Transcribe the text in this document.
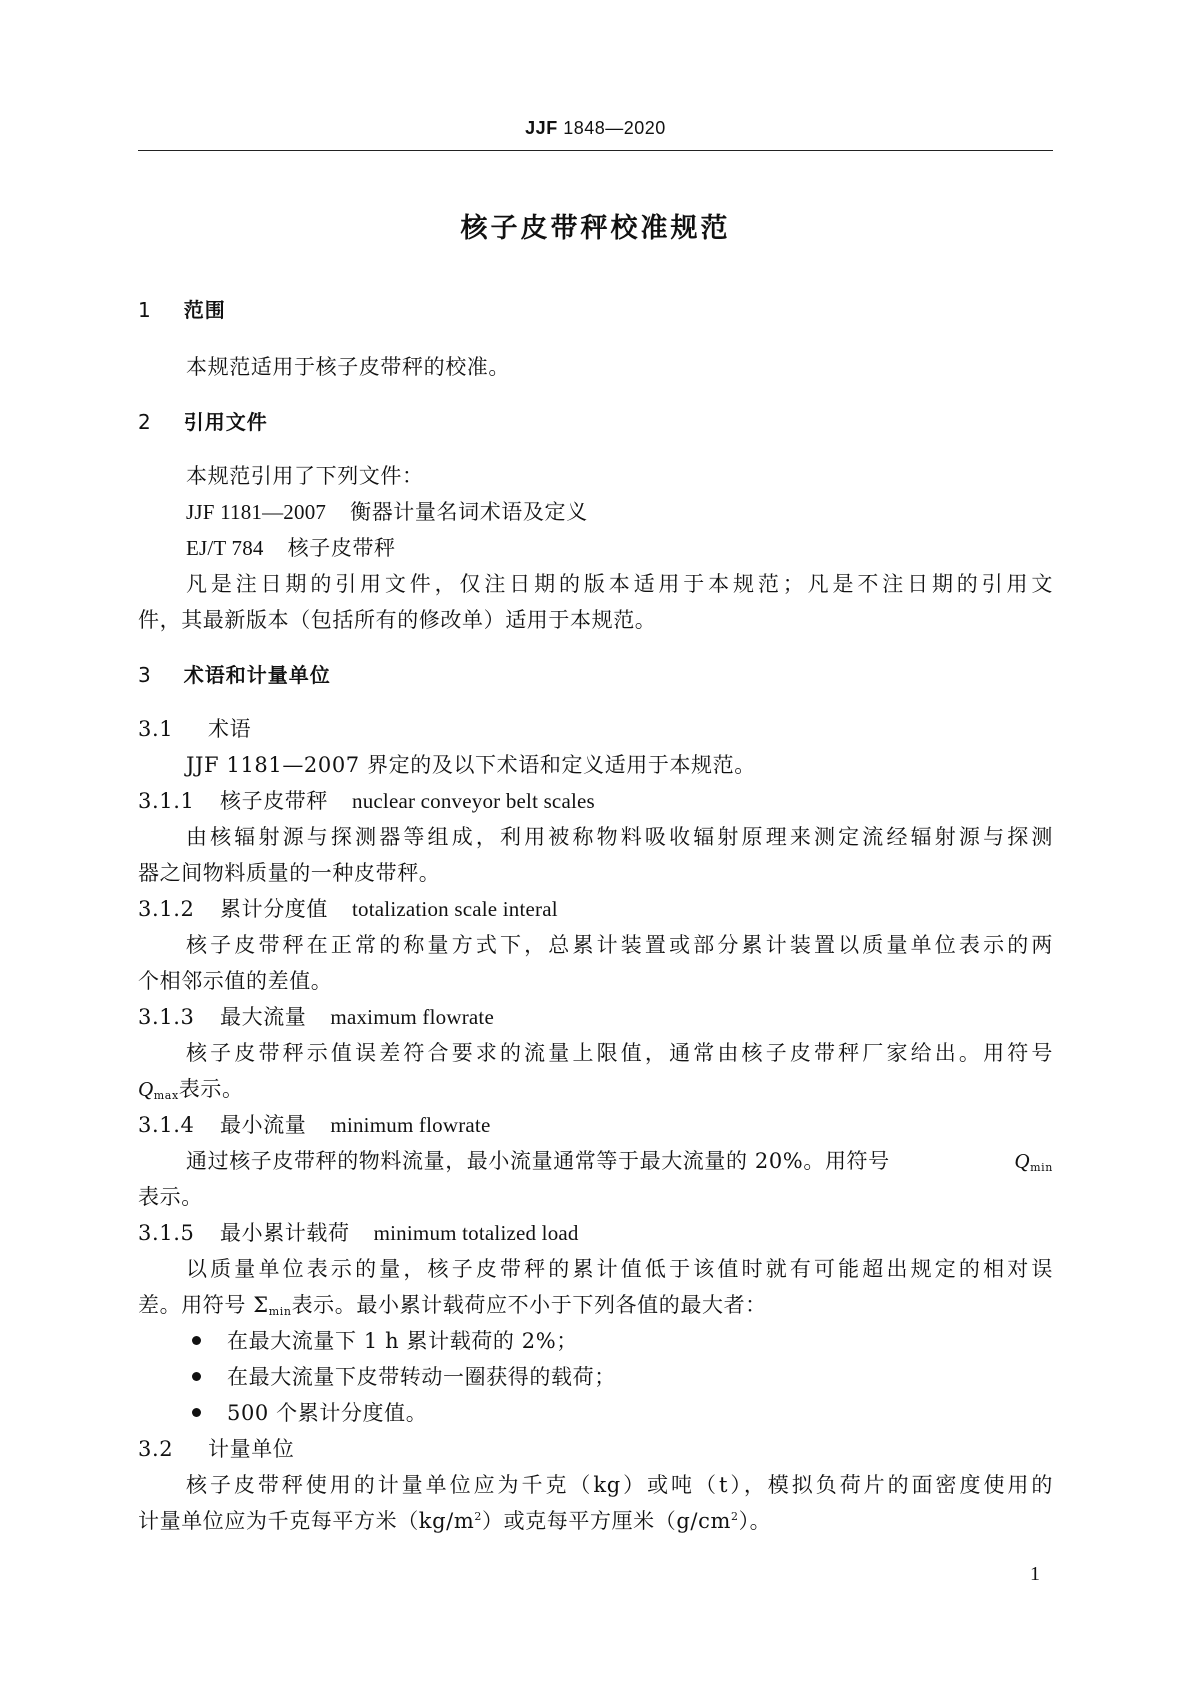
JJF 1848—2020
核子皮带秤校准规范
1 范围
本规范适用于核子皮带秤的校准。
2 引用文件
本规范引用了下列文件：
JJF 1181—2007 衡器计量名词术语及定义
EJ/T 784 核子皮带秤
凡是注日期的引用文件，仅注日期的版本适用于本规范；凡是不注日期的引用文
件，其最新版本（包括所有的修改单）适用于本规范。
3 术语和计量单位
3.1 术语
JJF 1181—2007 界定的及以下术语和定义适用于本规范。
3.1.1 核子皮带秤 nuclear conveyor belt scales
由核辐射源与探测器等组成，利用被称物料吸收辐射原理来测定流经辐射源与探测
器之间物料质量的一种皮带秤。
3.1.2 累计分度值 totalization scale interal
核子皮带秤在正常的称量方式下，总累计装置或部分累计装置以质量单位表示的两
个相邻示值的差值。
3.1.3 最大流量 maximum flowrate
核子皮带秤示值误差符合要求的流量上限值，通常由核子皮带秤厂家给出。用符号
$Q_{max}$表示。
3.1.4 最小流量 minimum flowrate
通过核子皮带秤的物料流量，最小流量通常等于最大流量的 20%。用符号	$Q_{min}$
表示。
3.1.5 最小累计载荷 minimum totalized load
以质量单位表示的量，核子皮带秤的累计值低于该值时就有可能超出规定的相对误
差。用符号 $\Sigma_{min}$表示。最小累计载荷应不小于下列各值的最大者：
在最大流量下 1 h 累计载荷的 2%；
在最大流量下皮带转动一圈获得的载荷；
500 个累计分度值。
3.2 计量单位
核子皮带秤使用的计量单位应为千克（kg）或吨（t），模拟负荷片的面密度使用的
计量单位应为千克每平方米$(kg/m^2)$或克每平方厘米$(g/cm^2)$。
1
